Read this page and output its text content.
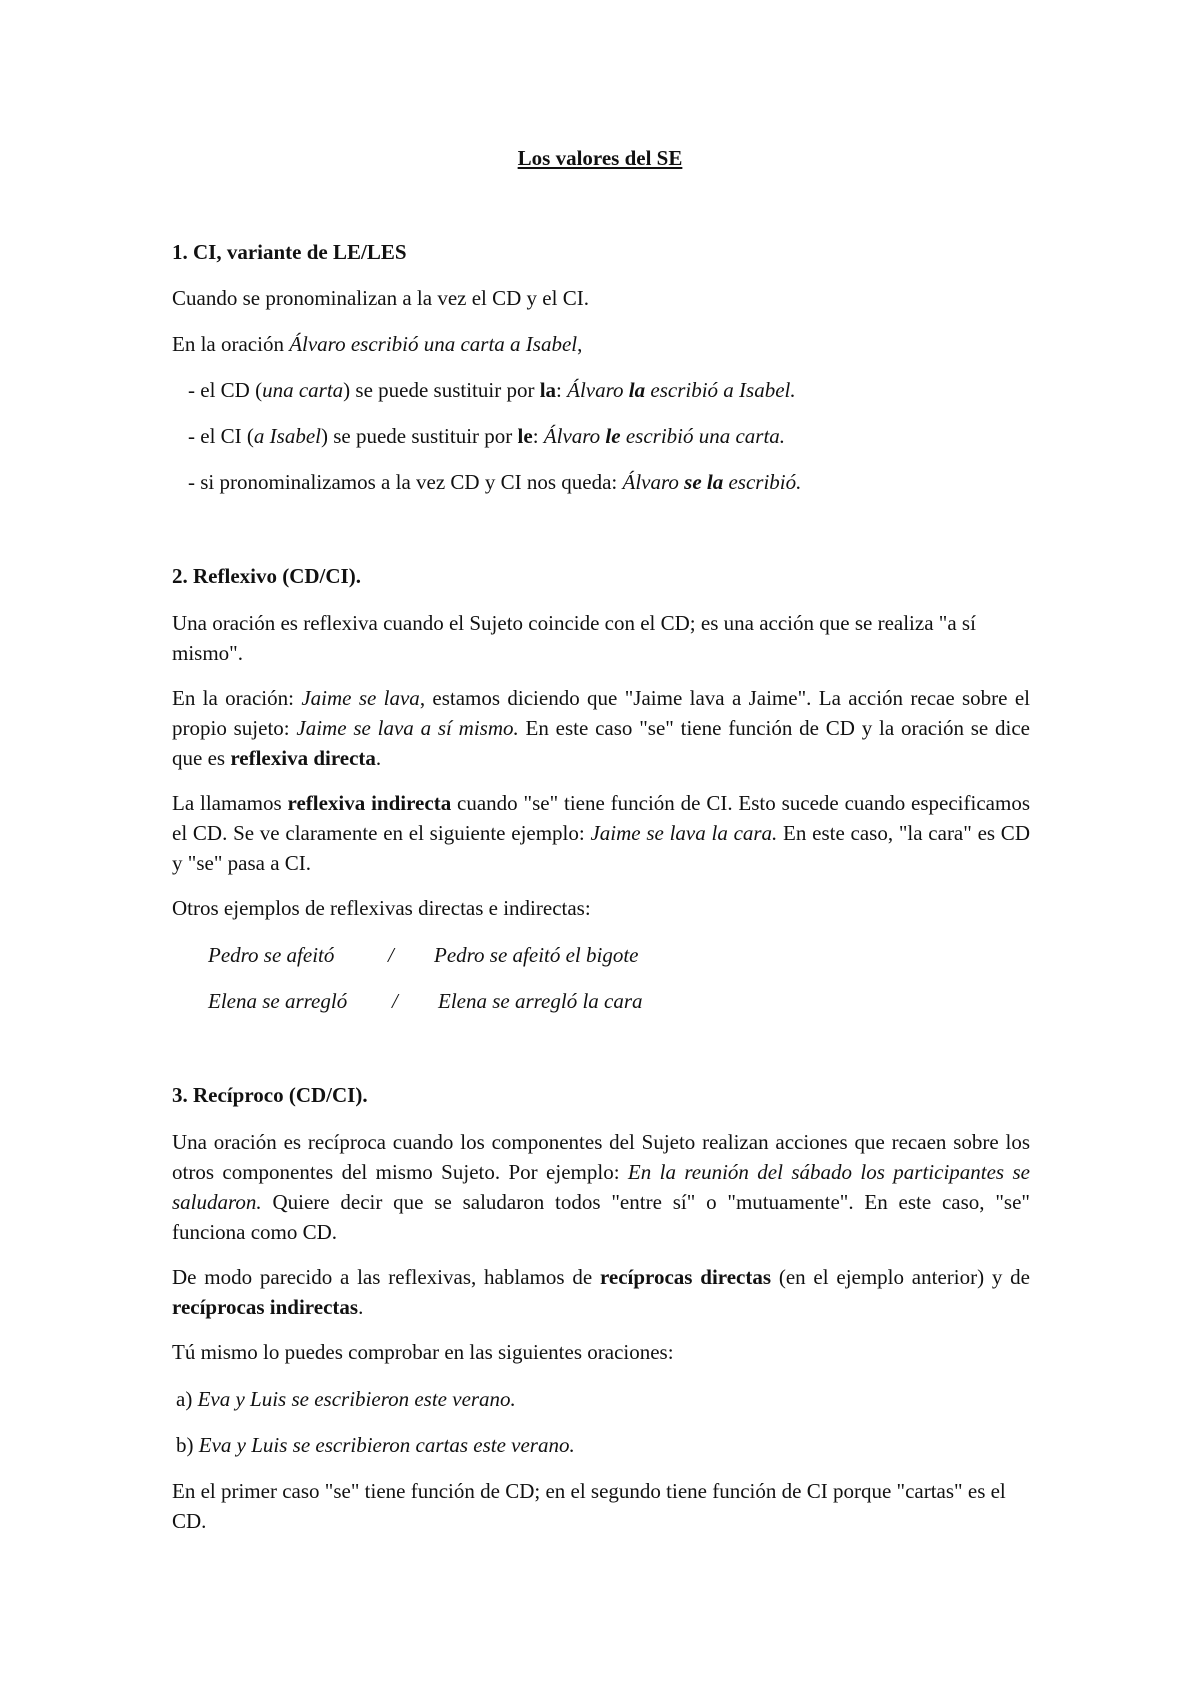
Los valores del SE

1. CI, variante de LE/LES

Cuando se pronominalizan a la vez el CD y el CI.

En la oración Álvaro escribió una carta a Isabel,

- el CD (una carta) se puede sustituir por la: Álvaro la escribió a Isabel.

- el CI (a Isabel) se puede sustituir por le: Álvaro le escribió una carta.

- si pronominalizamos a la vez CD y CI nos queda: Álvaro se la escribió.

2. Reflexivo (CD/CI).

Una oración es reflexiva cuando el Sujeto coincide con el CD; es una acción que se realiza "a sí mismo".

En la oración: Jaime se lava, estamos diciendo que "Jaime lava a Jaime". La acción recae sobre el propio sujeto: Jaime se lava a sí mismo. En este caso "se" tiene función de CD y la oración se dice que es reflexiva directa.

La llamamos reflexiva indirecta cuando "se" tiene función de CI. Esto sucede cuando especificamos el CD. Se ve claramente en el siguiente ejemplo: Jaime se lava la cara. En este caso, "la cara" es CD y "se" pasa a CI.

Otros ejemplos de reflexivas directas e indirectas:

Pedro se afeitó	/ Pedro se afeitó el bigote
Elena se arregló / Elena se arregló la cara

3. Recíproco (CD/CI).

Una oración es recíproca cuando los componentes del Sujeto realizan acciones que recaen sobre los otros componentes del mismo Sujeto. Por ejemplo: En la reunión del sábado los participantes se saludaron. Quiere decir que se saludaron todos "entre sí" o "mutuamente". En este caso, "se" funciona como CD.

De modo parecido a las reflexivas, hablamos de recíprocas directas (en el ejemplo anterior) y de recíprocas indirectas.

Tú mismo lo puedes comprobar en las siguientes oraciones:

a) Eva y Luis se escribieron este verano.

b) Eva y Luis se escribieron cartas este verano.

En el primer caso "se" tiene función de CD; en el segundo tiene función de CI porque "cartas" es el CD.
